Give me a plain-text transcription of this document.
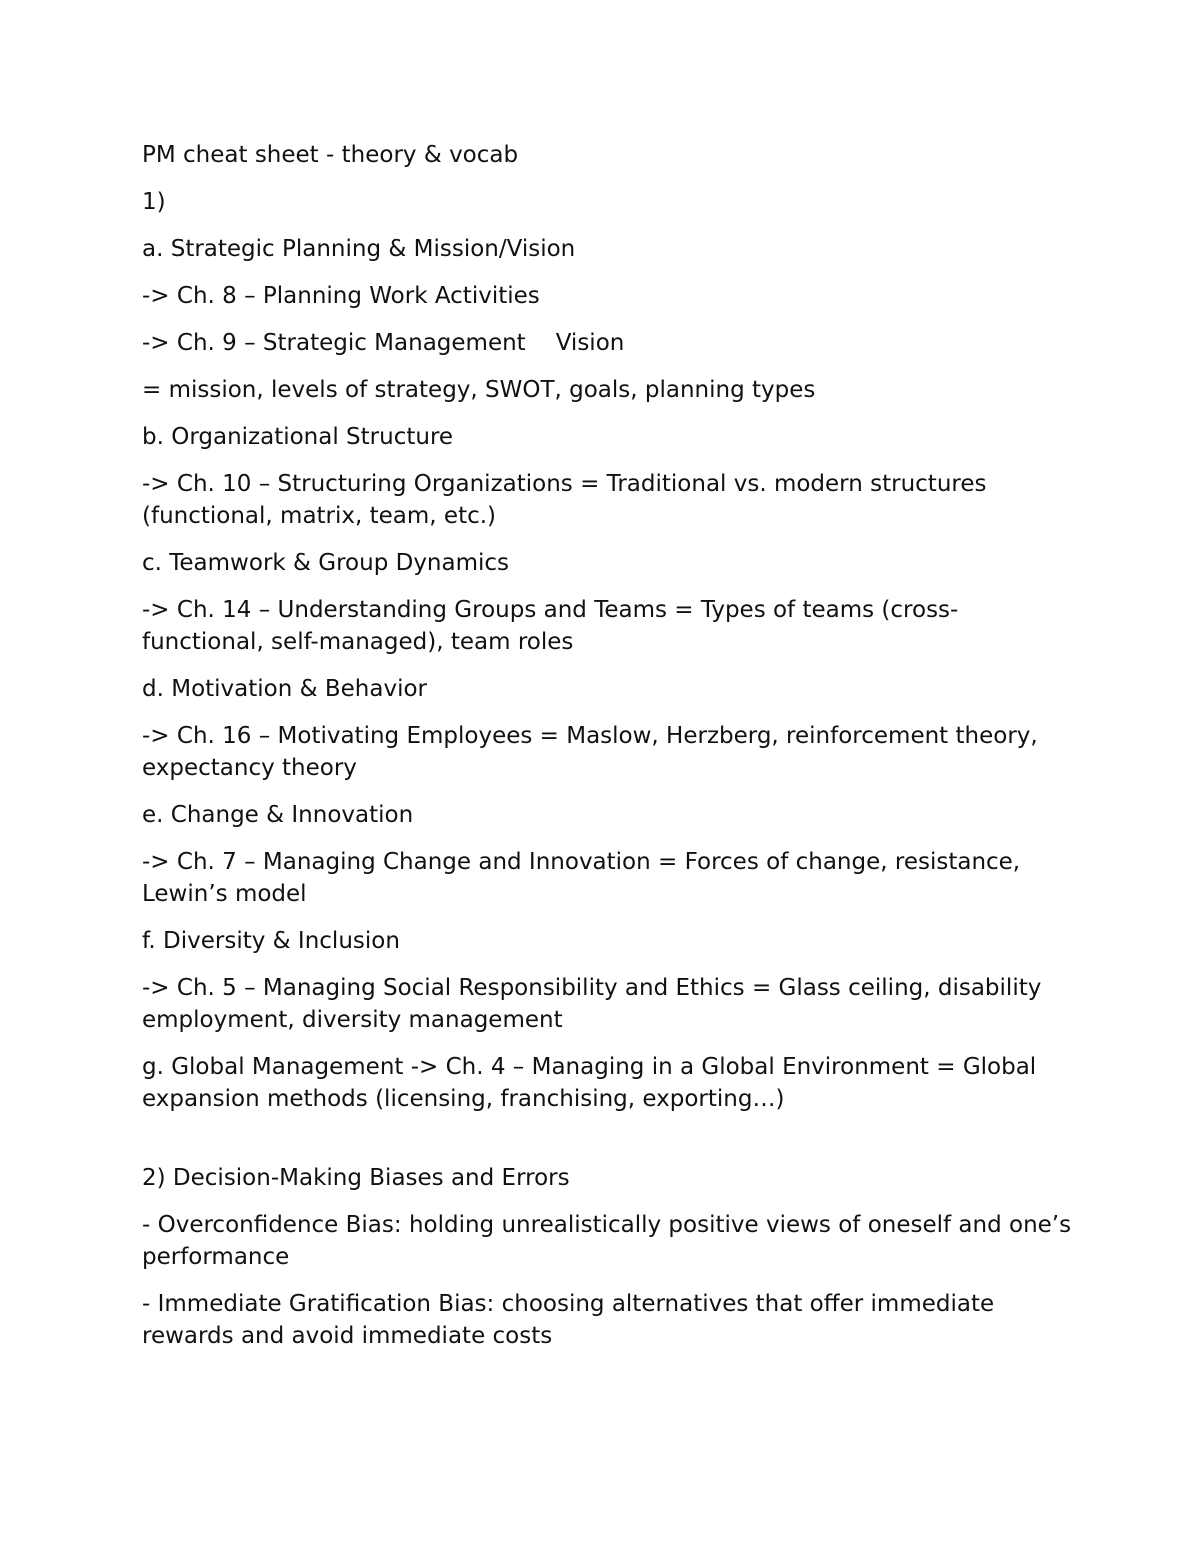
PM cheat sheet - theory & vocab

1)

a. Strategic Planning & Mission/Vision

-> Ch. 8 – Planning Work Activities

-> Ch. 9 – Strategic Management Vision

= mission, levels of strategy, SWOT, goals, planning types

b. Organizational Structure

-> Ch. 10 – Structuring Organizations = Traditional vs. modern structures (functional, matrix, team, etc.)

c. Teamwork & Group Dynamics

-> Ch. 14 – Understanding Groups and Teams = Types of teams (cross-functional, self-managed), team roles

d. Motivation & Behavior

-> Ch. 16 – Motivating Employees = Maslow, Herzberg, reinforcement theory, expectancy theory

e. Change & Innovation

-> Ch. 7 – Managing Change and Innovation = Forces of change, resistance, Lewin’s model

f. Diversity & Inclusion

-> Ch. 5 – Managing Social Responsibility and Ethics = Glass ceiling, disability employment, diversity management

g. Global Management -> Ch. 4 – Managing in a Global Environment = Global expansion methods (licensing, franchising, exporting…)

2) Decision-Making Biases and Errors

- Overconfidence Bias: holding unrealistically positive views of oneself and one’s performance

- Immediate Gratification Bias: choosing alternatives that offer immediate rewards and avoid immediate costs
